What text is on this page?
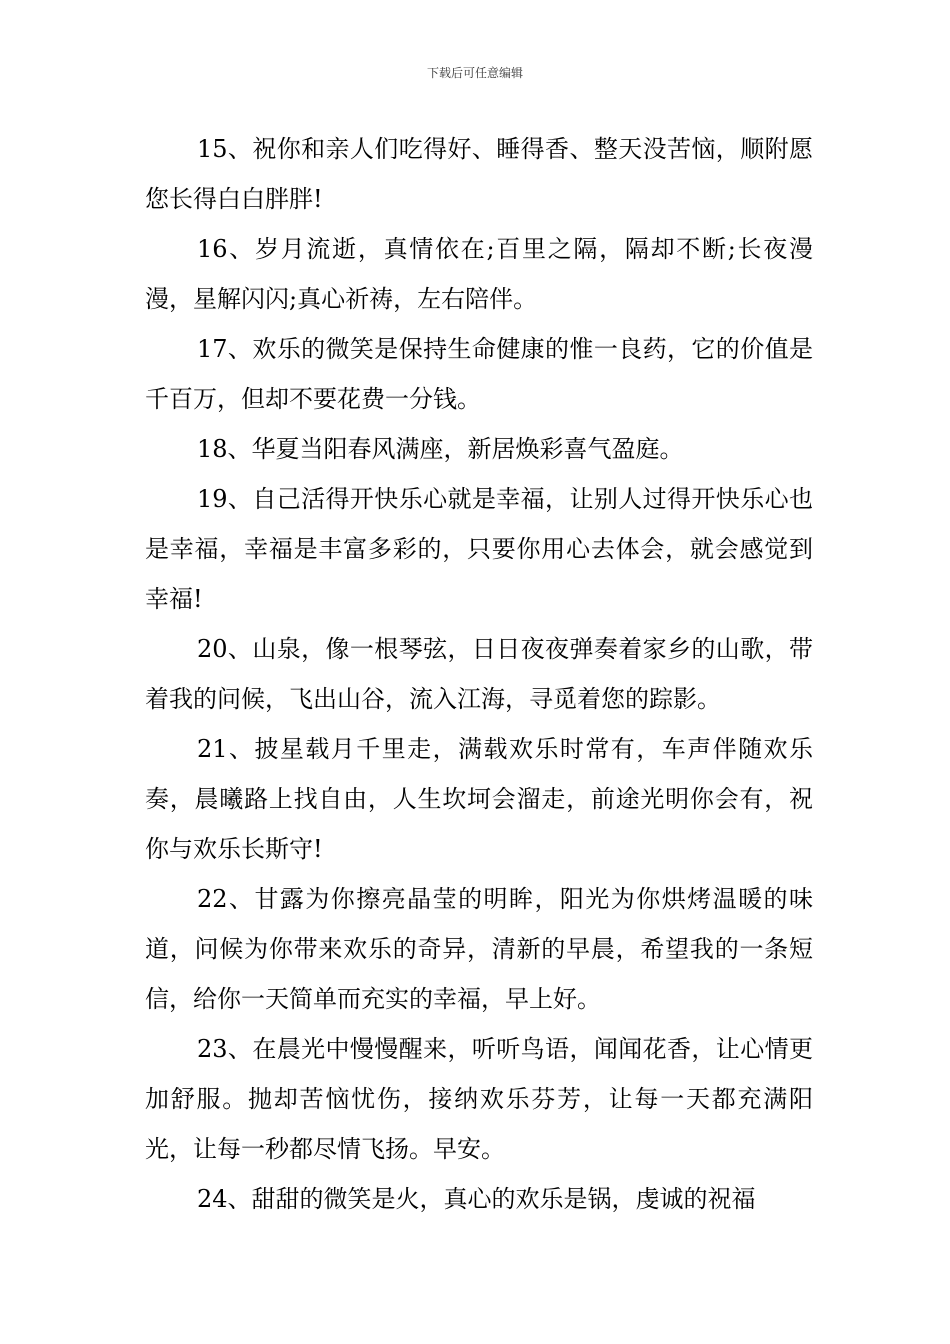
下载后可任意编辑

15、祝你和亲人们吃得好、睡得香、整天没苦恼，顺附愿您长得白白胖胖!

16、岁月流逝，真情依在;百里之隔，隔却不断;长夜漫漫，星解闪闪;真心祈祷，左右陪伴。

17、欢乐的微笑是保持生命健康的惟一良药，它的价值是千百万，但却不要花费一分钱。

18、华夏当阳春风满座，新居焕彩喜气盈庭。

19、自己活得开快乐心就是幸福，让别人过得开快乐心也是幸福，幸福是丰富多彩的，只要你用心去体会，就会感觉到幸福!

20、山泉，像一根琴弦，日日夜夜弹奏着家乡的山歌，带着我的问候，飞出山谷，流入江海，寻觅着您的踪影。

21、披星载月千里走，满载欢乐时常有，车声伴随欢乐奏，晨曦路上找自由，人生坎坷会溜走，前途光明你会有，祝你与欢乐长斯守!

22、甘露为你擦亮晶莹的明眸，阳光为你烘烤温暖的味道，问候为你带来欢乐的奇异，清新的早晨，希望我的一条短信，给你一天简单而充实的幸福，早上好。

23、在晨光中慢慢醒来，听听鸟语，闻闻花香，让心情更加舒服。抛却苦恼忧伤，接纳欢乐芬芳，让每一天都充满阳光，让每一秒都尽情飞扬。早安。

24、甜甜的微笑是火，真心的欢乐是锅，虔诚的祝福
